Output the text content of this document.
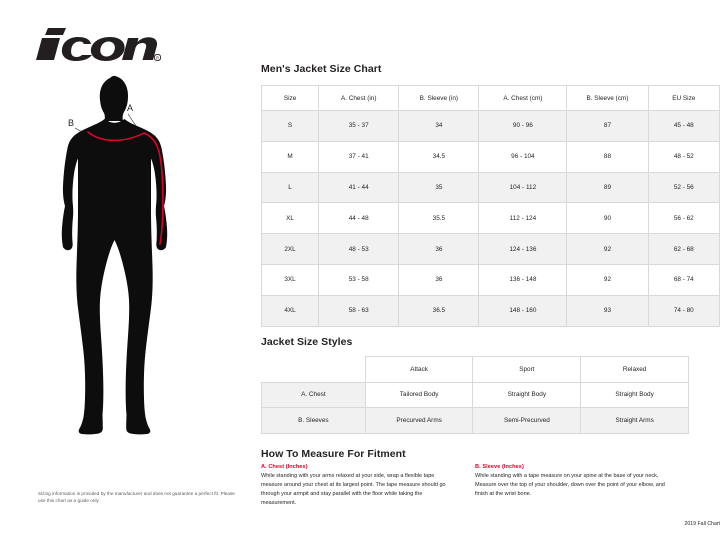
R
A
B
Sizing information is provided by the manufacturer and does not guarantee a perfect fit. Please use this chart as a guide only
Men's Jacket Size Chart
Size	A. Chest (in)	B. Sleeve (in)	A. Chest (cm)	B. Sleeve (cm)	EU Size
S	35 - 37	34	90 - 96	87	45 - 48
M	37 - 41	34.5	96 - 104	88	48 - 52
L	41 - 44	35	104 - 112	89	52 - 56
XL	44 - 48	35.5	112 - 124	90	56 - 62
2XL	48 - 53	36	124 - 136	92	62 - 68
3XL	53 - 58	36	136 - 148	92	68 - 74
4XL	58 - 63	36.5	148 - 160	93	74 - 80
Jacket Size Styles
	Attack	Sport	Relaxed
A. Chest	Tailored Body	Straight Body	Straight Body
B. Sleeves	Precurved Arms	Semi-Precurved	Straight Arms
How To Measure For Fitment
A. Chest (Inches)
While standing with your arms relaxed at your side, wrap a flexible tape measure around your chest at its largest point. The tape measure should go through your armpit and stay parallel with the floor while taking the measurement.
B. Sleeve (Inches)
While standing with a tape measure on your spine at the base of your neck, Measure over the top of your shoulder, down over the point of your elbow, and finish at the wrist bone.
2019 Fall Chart
